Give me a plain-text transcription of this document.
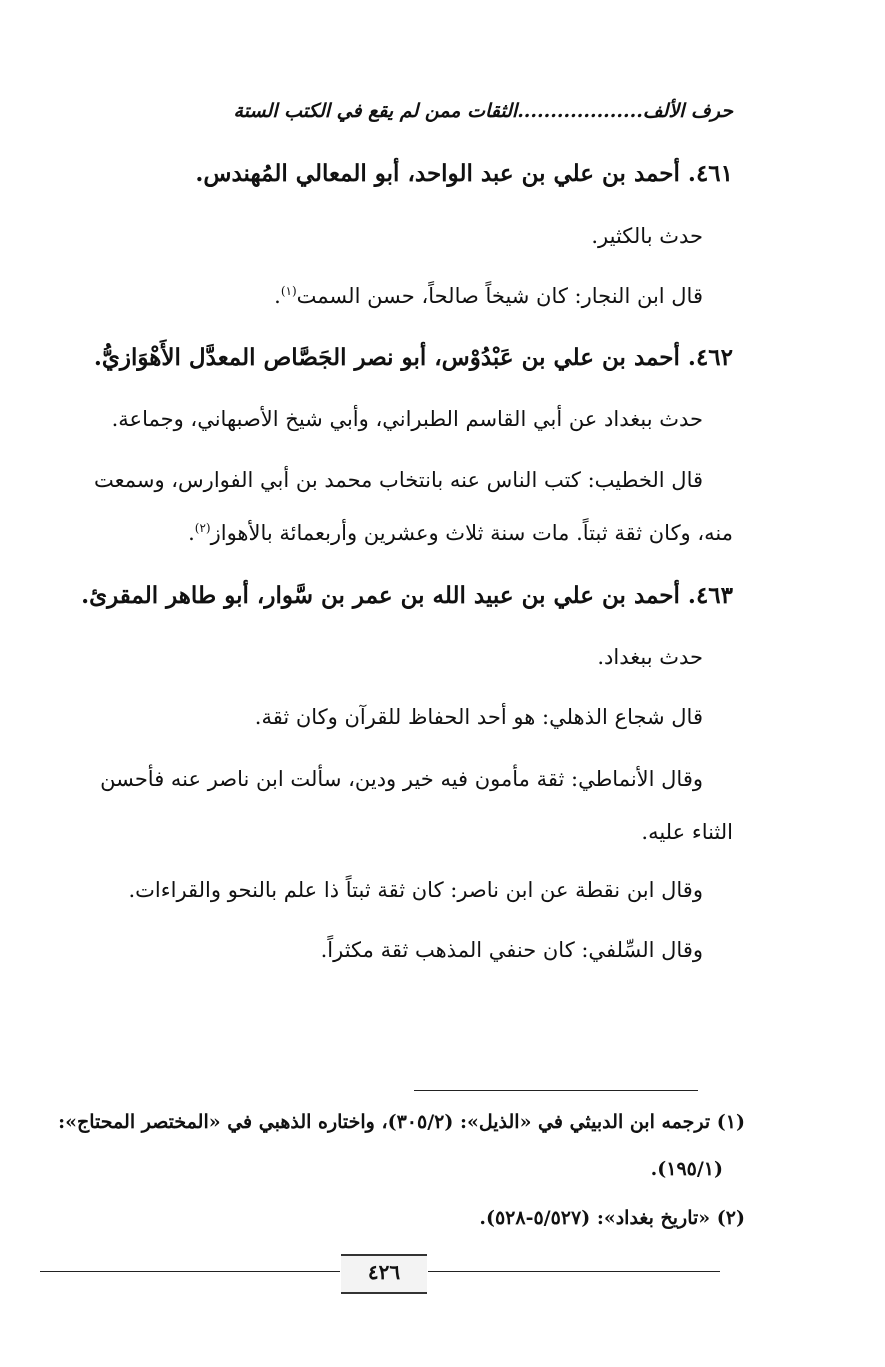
حرف الألف...................الثقات ممن لم يقع في الكتب الستة
٤٦١. أحمد بن علي بن عبد الواحد، أبو المعالي المُهندس.
حدث بالكثير.
قال ابن النجار: كان شيخاً صالحاً، حسن السمت$^{(١)}$.
٤٦٢. أحمد بن علي بن عَبْدُوْس، أبو نصر الجَصَّاص المعدَّل الأَهْوَازيُّ.
حدث ببغداد عن أبي القاسم الطبراني، وأبي شيخ الأصبهاني، وجماعة.
قال الخطيب: كتب الناس عنه بانتخاب محمد بن أبي الفوارس، وسمعت
منه، وكان ثقة ثبتاً. مات سنة ثلاث وعشرين وأربعمائة بالأهواز$^{(٢)}$.
٤٦٣. أحمد بن علي بن عبيد الله بن عمر بن سَّوار، أبو طاهر المقرئ.
حدث ببغداد.
قال شجاع الذهلي: هو أحد الحفاظ للقرآن وكان ثقة.
وقال الأنماطي: ثقة مأمون فيه خير ودين، سألت ابن ناصر عنه فأحسن
الثناء عليه.
وقال ابن نقطة عن ابن ناصر: كان ثقة ثبتاً ذا علم بالنحو والقراءات.
وقال السِّلفي: كان حنفي المذهب ثقة مكثراً.
(١) ترجمه ابن الدبيثي في «الذيل»: (٣٠٥/٢)، واختاره الذهبي في «المختصر المحتاج»:
(١٩٥/١).
(٢) «تاريخ بغداد»: (٥/٥٢٧-٥٢٨).
٤٢٦
